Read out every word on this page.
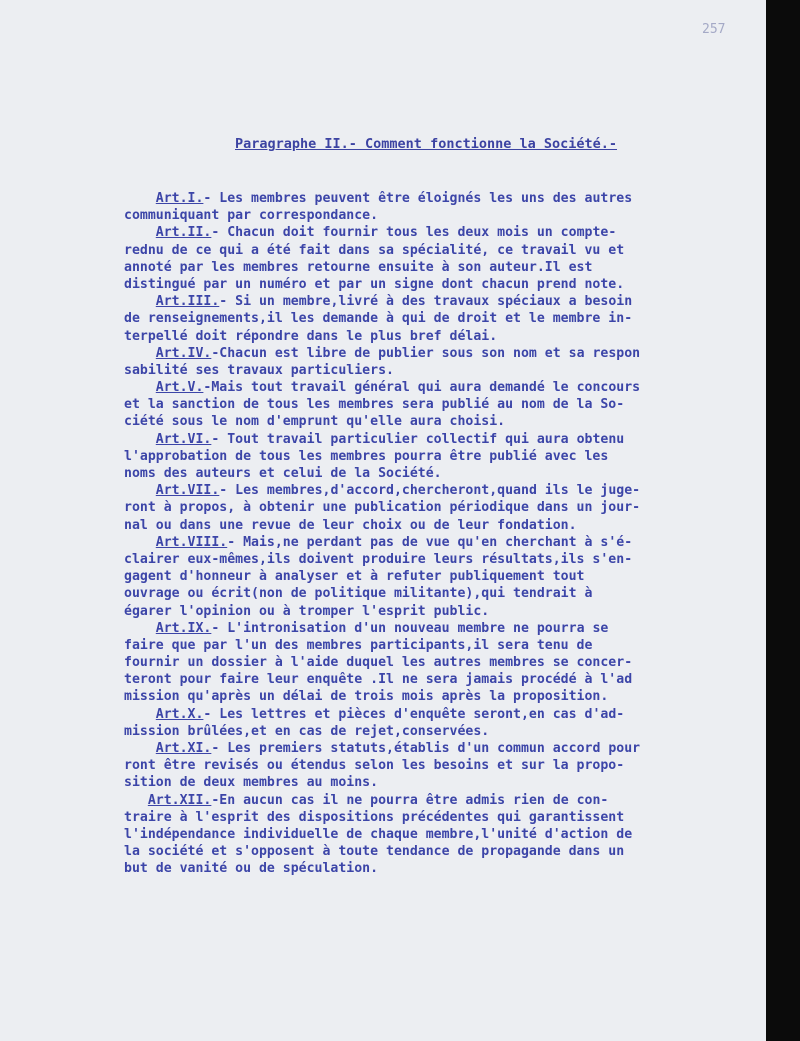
257
Paragraphe II.- Comment fonctionne la Société.-
Art.I.- Les membres peuvent être éloignés les uns des autres
communiquant par correspondance.
Art.II.- Chacun doit fournir tous les deux mois un compte-
rednu de ce qui a été fait dans sa spécialité, ce travail vu et
annoté par les membres retourne ensuite à son auteur.Il est
distingué par un numéro et par un signe dont chacun prend note.
Art.III.- Si un membre,livré à des travaux spéciaux a besoin
de renseignements,il les demande à qui de droit et le membre in-
terpellé doit répondre dans le plus bref délai.
Art.IV.-Chacun est libre de publier sous son nom et sa respon
sabilité ses travaux particuliers.
Art.V.-Mais tout travail général qui aura demandé le concours
et la sanction de tous les membres sera publié au nom de la So-
ciété sous le nom d'emprunt qu'elle aura choisi.
Art.VI.- Tout travail particulier collectif qui aura obtenu
l'approbation de tous les membres pourra être publié avec les
noms des auteurs et celui de la Société.
Art.VII.- Les membres,d'accord,chercheront,quand ils le juge-
ront à propos, à obtenir une publication périodique dans un jour-
nal ou dans une revue de leur choix ou de leur fondation.
Art.VIII.- Mais,ne perdant pas de vue qu'en cherchant à s'é-
clairer eux-mêmes,ils doivent produire leurs résultats,ils s'en-
gagent d'honneur à analyser et à refuter publiquement tout
ouvrage ou écrit(non de politique militante),qui tendrait à
égarer l'opinion ou à tromper l'esprit public.
Art.IX.- L'intronisation d'un nouveau membre ne pourra se
faire que par l'un des membres participants,il sera tenu de
fournir un dossier à l'aide duquel les autres membres se concer-
teront pour faire leur enquête .Il ne sera jamais procédé à l'ad
mission qu'après un délai de trois mois après la proposition.
Art.X.- Les lettres et pièces d'enquête seront,en cas d'ad-
mission brûlées,et en cas de rejet,conservées.
Art.XI.- Les premiers statuts,établis d'un commun accord pour
ront être revisés ou étendus selon les besoins et sur la propo-
sition de deux membres au moins.
Art.XII.-En aucun cas il ne pourra être admis rien de con-
traire à l'esprit des dispositions précédentes qui garantissent
l'indépendance individuelle de chaque membre,l'unité d'action de
la société et s'opposent à toute tendance de propagande dans un
but de vanité ou de spéculation.
